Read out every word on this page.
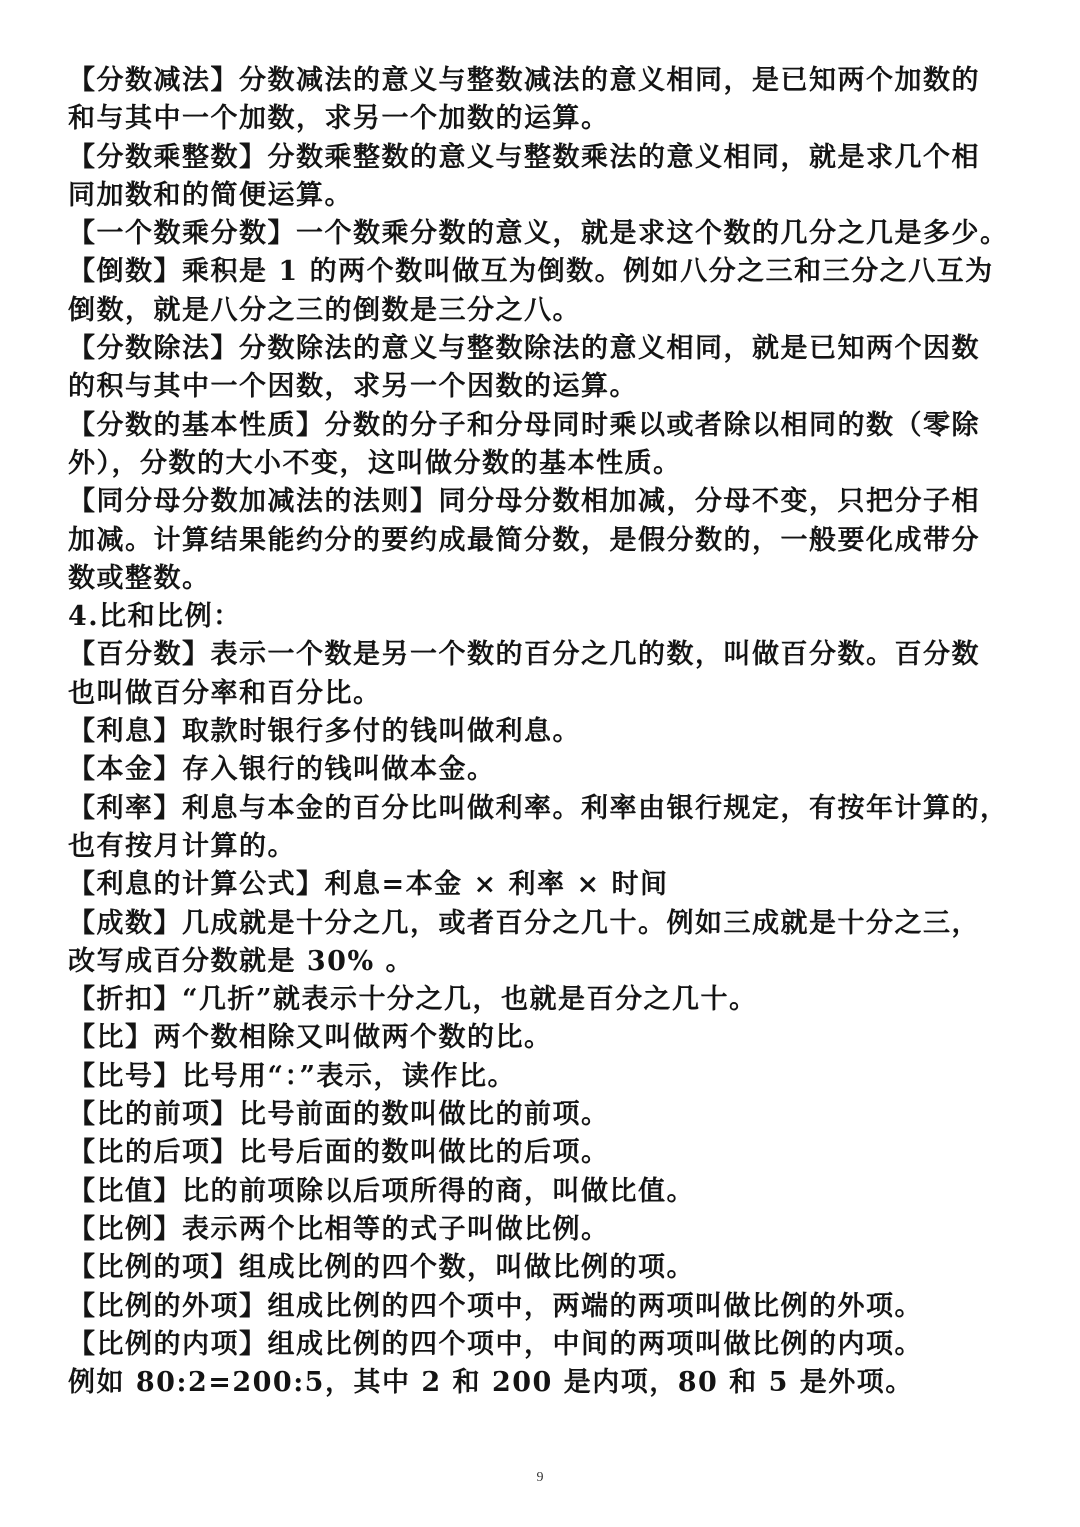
【分数减法】分数减法的意义与整数减法的意义相同，是已知两个加数的
和与其中一个加数，求另一个加数的运算。
【分数乘整数】分数乘整数的意义与整数乘法的意义相同，就是求几个相
同加数和的简便运算。
【一个数乘分数】一个数乘分数的意义，就是求这个数的几分之几是多少。
【倒数】乘积是 1 的两个数叫做互为倒数。例如八分之三和三分之八互为
倒数，就是八分之三的倒数是三分之八。
【分数除法】分数除法的意义与整数除法的意义相同，就是已知两个因数
的积与其中一个因数，求另一个因数的运算。
【分数的基本性质】分数的分子和分母同时乘以或者除以相同的数（零除
外），分数的大小不变，这叫做分数的基本性质。
【同分母分数加减法的法则】同分母分数相加减，分母不变，只把分子相
加减。计算结果能约分的要约成最简分数，是假分数的，一般要化成带分
数或整数。
4.比和比例：
【百分数】表示一个数是另一个数的百分之几的数，叫做百分数。百分数
也叫做百分率和百分比。
【利息】取款时银行多付的钱叫做利息。
【本金】存入银行的钱叫做本金。
【利率】利息与本金的百分比叫做利率。利率由银行规定，有按年计算的，
也有按月计算的。
【利息的计算公式】利息=本金 × 利率 × 时间
【成数】几成就是十分之几，或者百分之几十。例如三成就是十分之三，
改写成百分数就是 30% 。
【折扣】“几折”就表示十分之几，也就是百分之几十。
【比】两个数相除又叫做两个数的比。
【比号】比号用“：”表示，读作比。
【比的前项】比号前面的数叫做比的前项。
【比的后项】比号后面的数叫做比的后项。
【比值】比的前项除以后项所得的商，叫做比值。
【比例】表示两个比相等的式子叫做比例。
【比例的项】组成比例的四个数，叫做比例的项。
【比例的外项】组成比例的四个项中，两端的两项叫做比例的外项。
【比例的内项】组成比例的四个项中，中间的两项叫做比例的内项。
例如 80:2=200:5，其中 2 和 200 是内项，80 和 5 是外项。
9
